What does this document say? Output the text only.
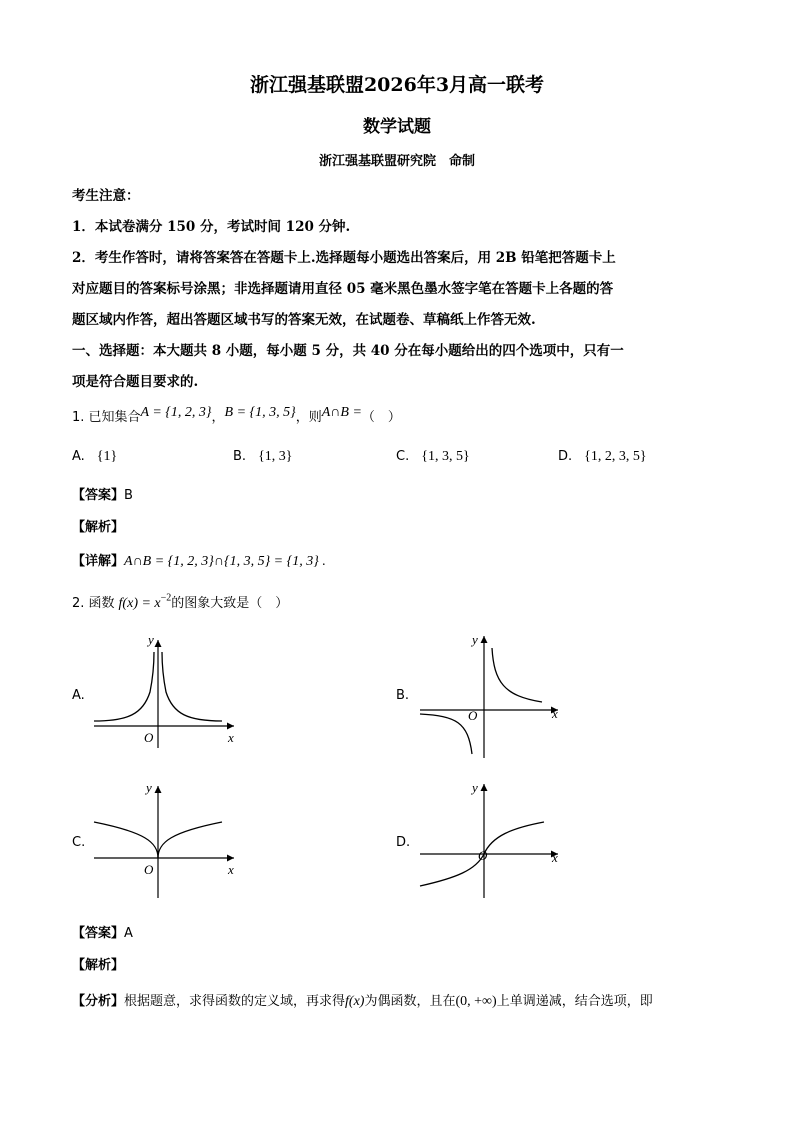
浙江强基联盟2026年3月高一联考
数学试题
浙江强基联盟研究院　命制
考生注意：
1．本试卷满分 150 分，考试时间 120 分钟.
2．考生作答时，请将答案答在答题卡上.选择题每小题选出答案后，用 2B 铅笔把答题卡上
对应题目的答案标号涂黑；非选择题请用直径 05 毫米黑色墨水签字笔在答题卡上各题的答
题区域内作答，超出答题区域书写的答案无效，在试题卷、草稿纸上作答无效.
一、选择题：本大题共 8 小题，每小题 5 分，共 40 分在每小题给出的四个选项中，只有一
项是符合题目要求的.
1. 已知集合A = {1, 2, 3}，B = {1, 3, 5}，则A∩B =（　）
A. {1}	B. {1, 3}	C. {1, 3, 5}	D. {1, 2, 3, 5}
【答案】B
【解析】
【详解】A∩B = {1, 2, 3}∩{1, 3, 5} = {1, 3} .
2. 函数 $f(x) = x^{-2}$的图象大致是（　）
A.	B.
C.	D.
y
x
O
y
x
O
y
x
O
y
x
O
【答案】A
【解析】
【分析】根据题意，求得函数的定义域，再求得f(x)为偶函数，且在(0, +∞)上单调递减，结合选项，即
